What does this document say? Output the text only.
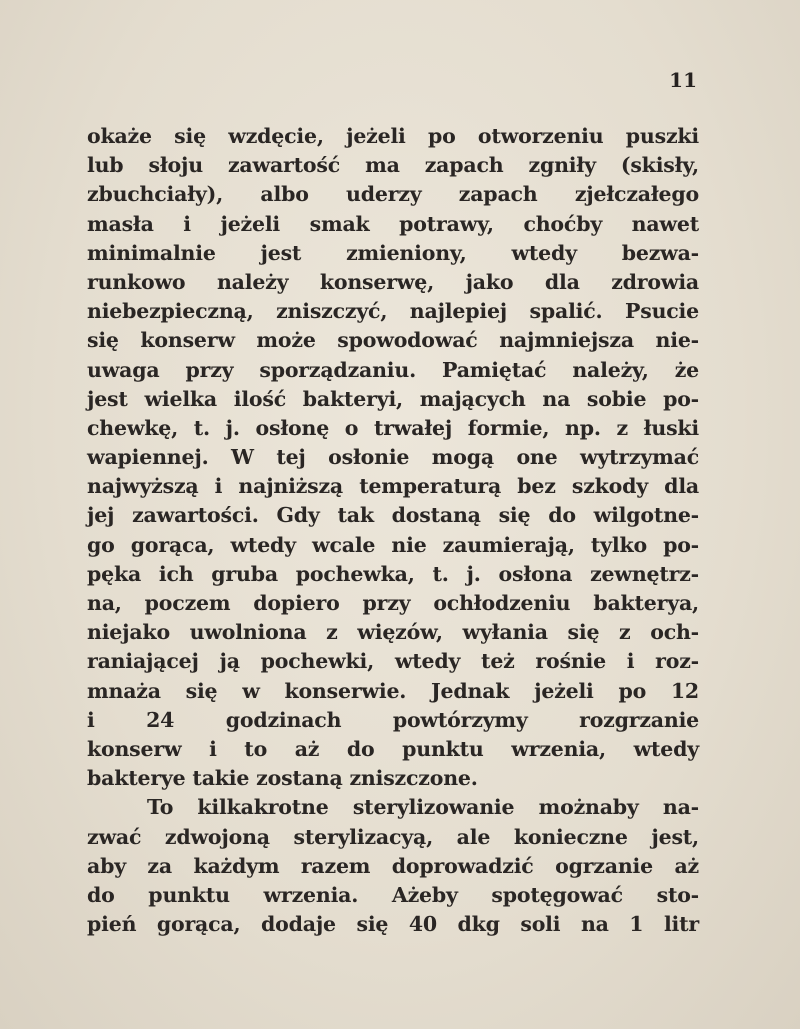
11
okaże się wzdęcie, jeżeli po otworzeniu puszki
lub słoju zawartość ma zapach zgniły (skisły,
zbuchciały), albo uderzy zapach zjełczałego
masła i jeżeli smak potrawy, choćby nawet
minimalnie jest zmieniony, wtedy bezwa-
runkowo należy konserwę, jako dla zdrowia
niebezpieczną, zniszczyć, najlepiej spalić. Psucie
się konserw może spowodować najmniejsza nie-
uwaga przy sporządzaniu. Pamiętać należy, że
jest wielka ilość bakteryi, mających na sobie po-
chewkę, t. j. osłonę o trwałej formie, np. z łuski
wapiennej. W tej osłonie mogą one wytrzymać
najwyższą i najniższą temperaturą bez szkody dla
jej zawartości. Gdy tak dostaną się do wilgotne-
go gorąca, wtedy wcale nie zaumierają, tylko po-
pęka ich gruba pochewka, t. j. osłona zewnętrz-
na, poczem dopiero przy ochłodzeniu bakterya,
niejako uwolniona z więzów, wyłania się z och-
raniającej ją pochewki, wtedy też rośnie i roz-
mnaża się w konserwie. Jednak jeżeli po 12
i 24 godzinach powtórzymy rozgrzanie
konserw i to aż do punktu wrzenia, wtedy
bakterye takie zostaną zniszczone.
To kilkakrotne sterylizowanie możnaby na-
zwać zdwojoną sterylizacyą, ale konieczne jest,
aby za każdym razem doprowadzić ogrzanie aż
do punktu wrzenia. Ażeby spotęgować sto-
pień gorąca, dodaje się 40 dkg soli na 1 litr
